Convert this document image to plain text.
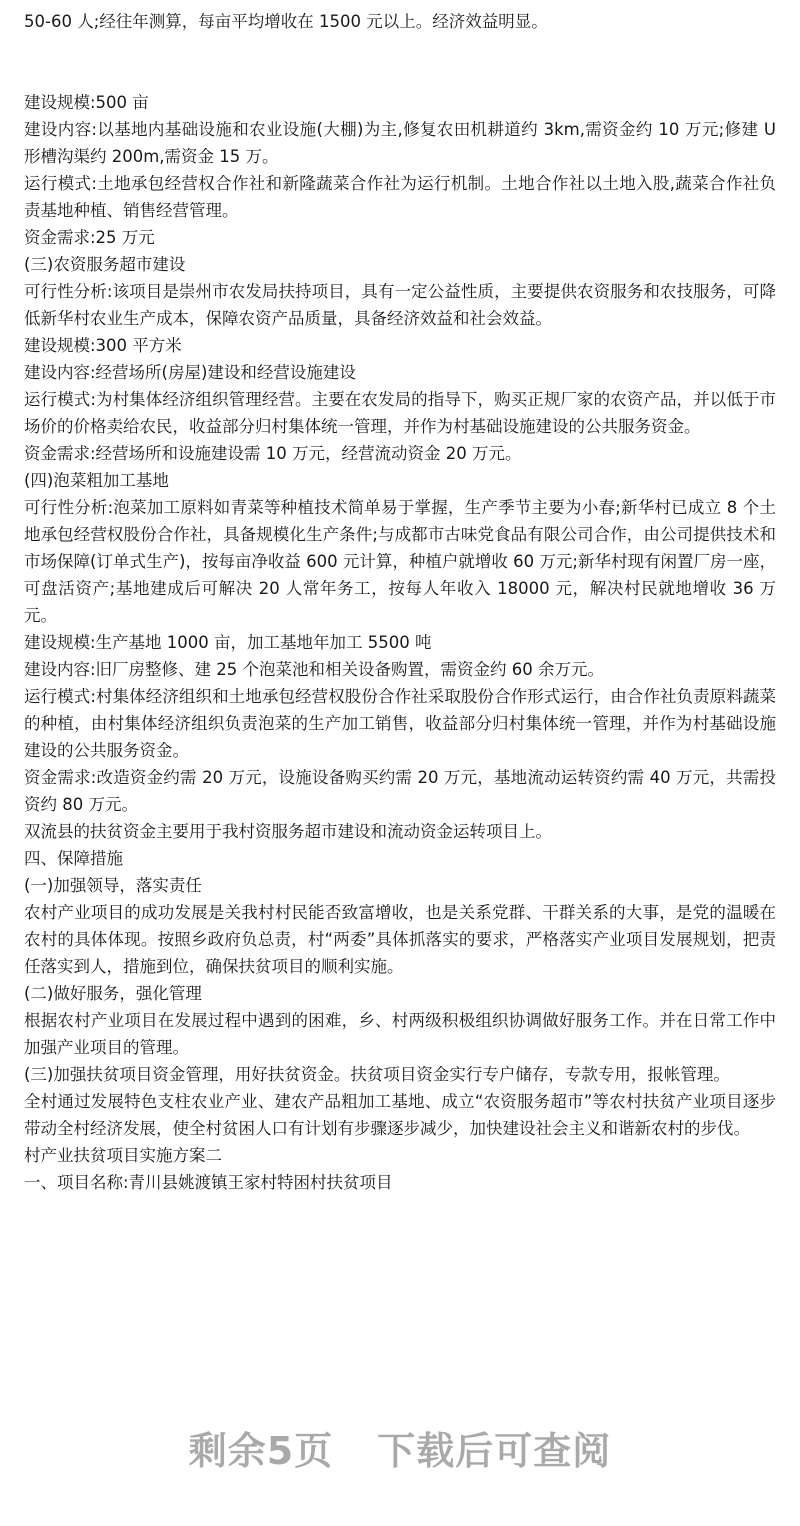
50-60 人;经往年测算，每亩平均增收在 1500 元以上。经济效益明显。

建设规模:500 亩

建设内容:以基地内基础设施和农业设施(大棚)为主,修复农田机耕道约 3km,需资金约 10 万元;修建 U 形槽沟渠约 200m,需资金 15 万。

运行模式:土地承包经营权合作社和新隆蔬菜合作社为运行机制。土地合作社以土地入股,蔬菜合作社负责基地种植、销售经营管理。

资金需求:25 万元

(三)农资服务超市建设

可行性分析:该项目是崇州市农发局扶持项目，具有一定公益性质，主要提供农资服务和农技服务，可降低新华村农业生产成本，保障农资产品质量，具备经济效益和社会效益。

建设规模:300 平方米

建设内容:经营场所(房屋)建设和经营设施建设

运行模式:为村集体经济组织管理经营。主要在农发局的指导下，购买正规厂家的农资产品，并以低于市场价的价格卖给农民，收益部分归村集体统一管理，并作为村基础设施建设的公共服务资金。

资金需求:经营场所和设施建设需 10 万元，经营流动资金 20 万元。

(四)泡菜粗加工基地

可行性分析:泡菜加工原料如青菜等种植技术简单易于掌握，生产季节主要为小春;新华村已成立 8 个土地承包经营权股份合作社，具备规模化生产条件;与成都市古味党食品有限公司合作，由公司提供技术和市场保障(订单式生产)，按每亩净收益 600 元计算，种植户就增收 60 万元;新华村现有闲置厂房一座，可盘活资产;基地建成后可解决 20 人常年务工，按每人年收入 18000 元，解决村民就地增收 36 万元。

建设规模:生产基地 1000 亩，加工基地年加工 5500 吨

建设内容:旧厂房整修、建 25 个泡菜池和相关设备购置，需资金约 60 余万元。

运行模式:村集体经济组织和土地承包经营权股份合作社采取股份合作形式运行，由合作社负责原料蔬菜的种植，由村集体经济组织负责泡菜的生产加工销售，收益部分归村集体统一管理，并作为村基础设施建设的公共服务资金。

资金需求:改造资金约需 20 万元，设施设备购买约需 20 万元，基地流动运转资约需 40 万元，共需投资约 80 万元。

双流县的扶贫资金主要用于我村资服务超市建设和流动资金运转项目上。

四、保障措施

(一)加强领导，落实责任

农村产业项目的成功发展是关我村村民能否致富增收，也是关系党群、干群关系的大事，是党的温暖在农村的具体体现。按照乡政府负总责，村“两委”具体抓落实的要求，严格落实产业项目发展规划，把责任落实到人，措施到位，确保扶贫项目的顺利实施。

(二)做好服务，强化管理

根据农村产业项目在发展过程中遇到的困难，乡、村两级积极组织协调做好服务工作。并在日常工作中加强产业项目的管理。

(三)加强扶贫项目资金管理，用好扶贫资金。扶贫项目资金实行专户储存，专款专用，报帐管理。

全村通过发展特色支柱农业产业、建农产品粗加工基地、成立“农资服务超市”等农村扶贫产业项目逐步带动全村经济发展，使全村贫困人口有计划有步骤逐步减少，加快建设社会主义和谐新农村的步伐。

村产业扶贫项目实施方案二

一、项目名称:青川县姚渡镇王家村特困村扶贫项目

剩余5页 下载后可查阅
